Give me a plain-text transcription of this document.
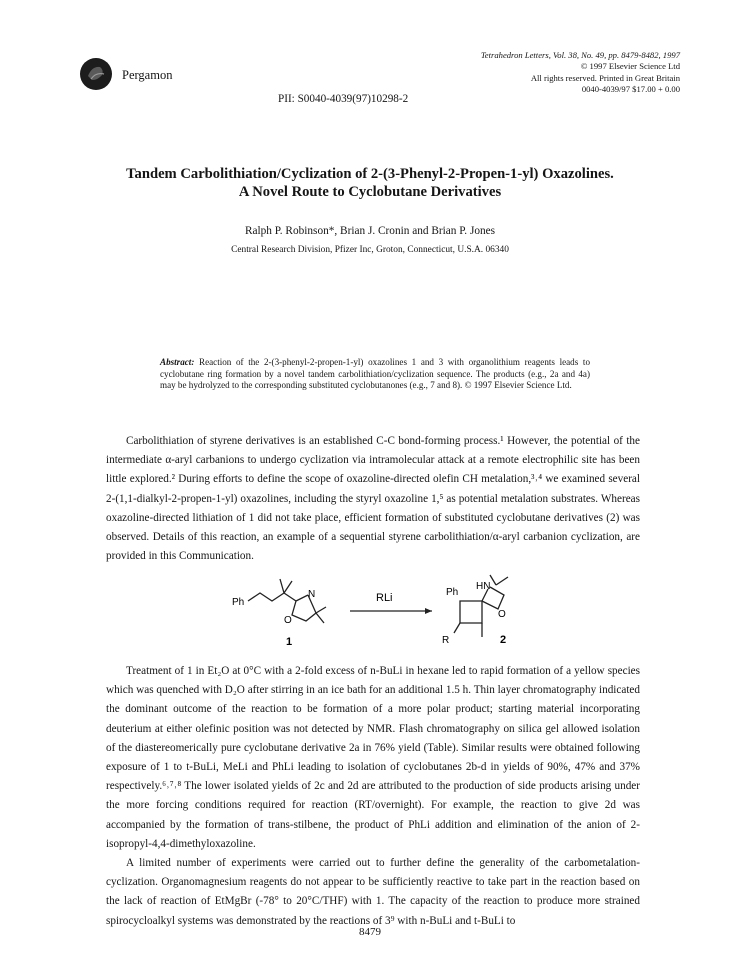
Pergamon
Tetrahedron Letters, Vol. 38, No. 49, pp. 8479-8482, 1997
© 1997 Elsevier Science Ltd
All rights reserved. Printed in Great Britain
0040-4039/97 $17.00 + 0.00
PII: S0040-4039(97)10298-2
Tandem Carbolithiation/Cyclization of 2-(3-Phenyl-2-Propen-1-yl) Oxazolines.
A Novel Route to Cyclobutane Derivatives
Ralph P. Robinson*, Brian J. Cronin and Brian P. Jones
Central Research Division, Pfizer Inc, Groton, Connecticut, U.S.A. 06340
Abstract: Reaction of the 2-(3-phenyl-2-propen-1-yl) oxazolines 1 and 3 with organolithium reagents leads to cyclobutane ring formation by a novel tandem carbolithiation/cyclization sequence. The products (e.g., 2a and 4a) may be hydrolyzed to the corresponding substituted cyclobutanones (e.g., 7 and 8). © 1997 Elsevier Science Ltd.

Carbolithiation of styrene derivatives is an established C-C bond-forming process.¹ However, the potential of the intermediate α-aryl carbanions to undergo cyclization via intramolecular attack at a remote electrophilic site has been little explored.² During efforts to define the scope of oxazoline-directed olefin CH metalation,³˒⁴ we examined several 2-(1,1-dialkyl-2-propen-1-yl) oxazolines, including the styryl oxazoline 1,⁵ as potential metalation substrates. Whereas oxazoline-directed lithiation of 1 did not take place, efficient formation of substituted cyclobutane derivatives (2) was observed. Details of this reaction, an example of a sequential styrene carbolithiation/α-aryl carbanion cyclization, are provided in this Communication.

Ph
N
O
1
RLi	Ph
HN
O
R	2

Treatment of 1 in Et₂O at 0°C with a 2-fold excess of n-BuLi in hexane led to rapid formation of a yellow species which was quenched with D₂O after stirring in an ice bath for an additional 1.5 h. Thin layer chromatography indicated the dominant outcome of the reaction to be formation of a more polar product; starting material incorporating deuterium at either olefinic position was not detected by NMR. Flash chromatography on silica gel allowed isolation of the diastereomerically pure cyclobutane derivative 2a in 76% yield (Table). Similar results were obtained following exposure of 1 to t-BuLi, MeLi and PhLi leading to isolation of cyclobutanes 2b-d in yields of 90%, 47% and 37% respectively.⁶˒⁷˒⁸ The lower isolated yields of 2c and 2d are attributed to the production of side products arising under the more forcing conditions required for reaction (RT/overnight). For example, the reaction to give 2d was accompanied by the formation of trans-stilbene, the product of PhLi addition and elimination of the anion of 2-isopropyl-4,4-dimethyloxazoline.

A limited number of experiments were carried out to further define the generality of the carbometalation-cyclization. Organomagnesium reagents do not appear to be sufficiently reactive to take part in the reaction based on the lack of reaction of EtMgBr (-78° to 20°C/THF) with 1. The capacity of the reaction to produce more strained spirocycloalkyl systems was demonstrated by the reactions of 3⁹ with n-BuLi and t-BuLi to

8479
